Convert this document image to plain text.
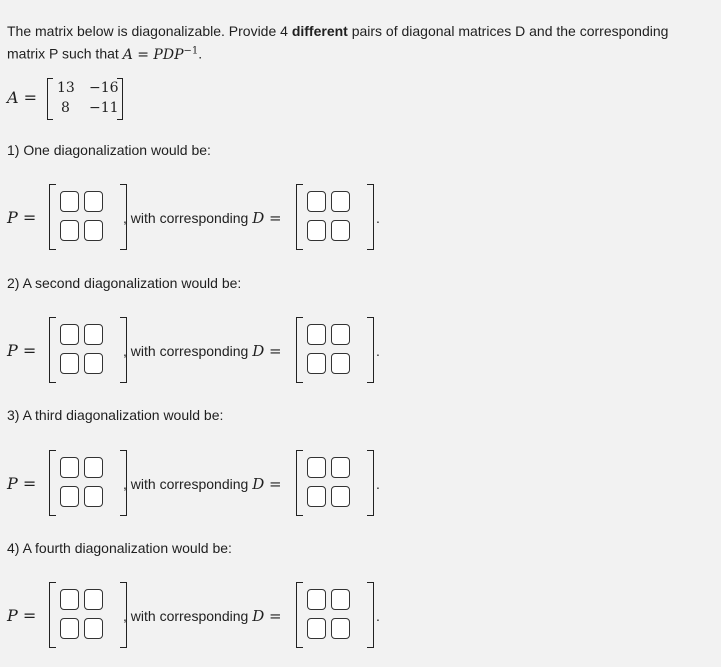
The matrix below is diagonalizable. Provide 4 different pairs of diagonal matrices D and the corresponding
matrix P such that $A = PDP^{-1}$.
A = 13 −16
8 −11
1) One diagonalization would be:
P =	, with corresponding D =	.
2) A second diagonalization would be:
P =	, with corresponding D =	.
3) A third diagonalization would be:
P =	, with corresponding D =	.
4) A fourth diagonalization would be:
P =	, with corresponding D =	.
